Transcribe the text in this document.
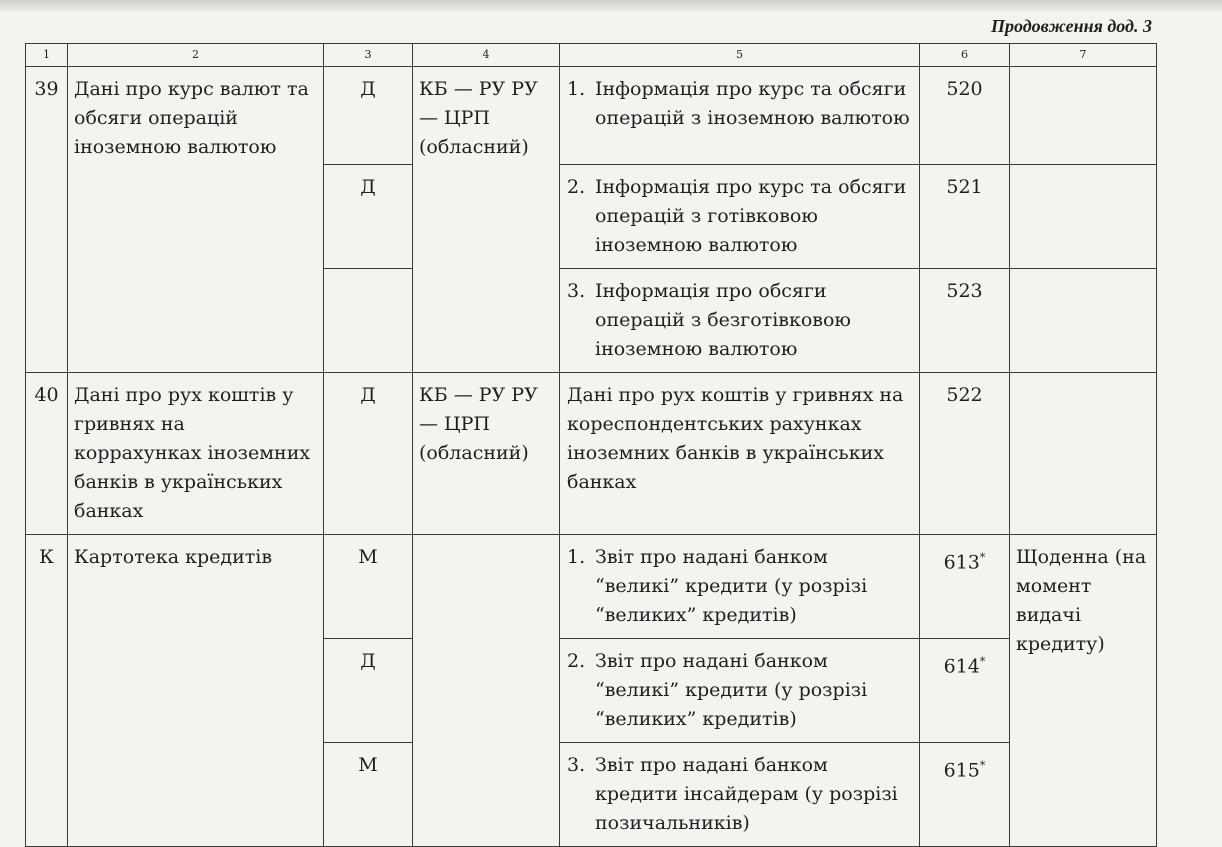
Продовження дод. 3
1	2	3	4	5	6	7
39	Дані про курс валют та обсяги операцій іноземною валютою	Д	КБ — РУ РУ — ЦРП (обласний)	1. Інформація про курс та обсяги операцій з іноземною валютою	520	
		Д		2. Інформація про курс та обсяги операцій з готівковою іноземною валютою	521	

				3. Інформація про обсяги операцій з безготівковою іноземною валютою	523	
40	Дані про рух коштів у гривнях на корраxунках іноземних банків в українських банках	Д	КБ — РУ РУ — ЦРП (обласний)	Дані про рух коштів у гривнях на кореспондентських рахунках іноземних банків в українських банках	522	
К	Картотека кредитів	М		1. Звіт про надані банком “великі” кредити (у розрізі “великих” кредитів)	613*	Щоденна (на момент видачі кредиту)
		Д		2. Звіт про надані банком “великі” кредити (у розрізі “великих” кредитів)	614*
		М		3. Звіт про надані банком кредити інсайдерам (у розрізі позичальників)	615*
